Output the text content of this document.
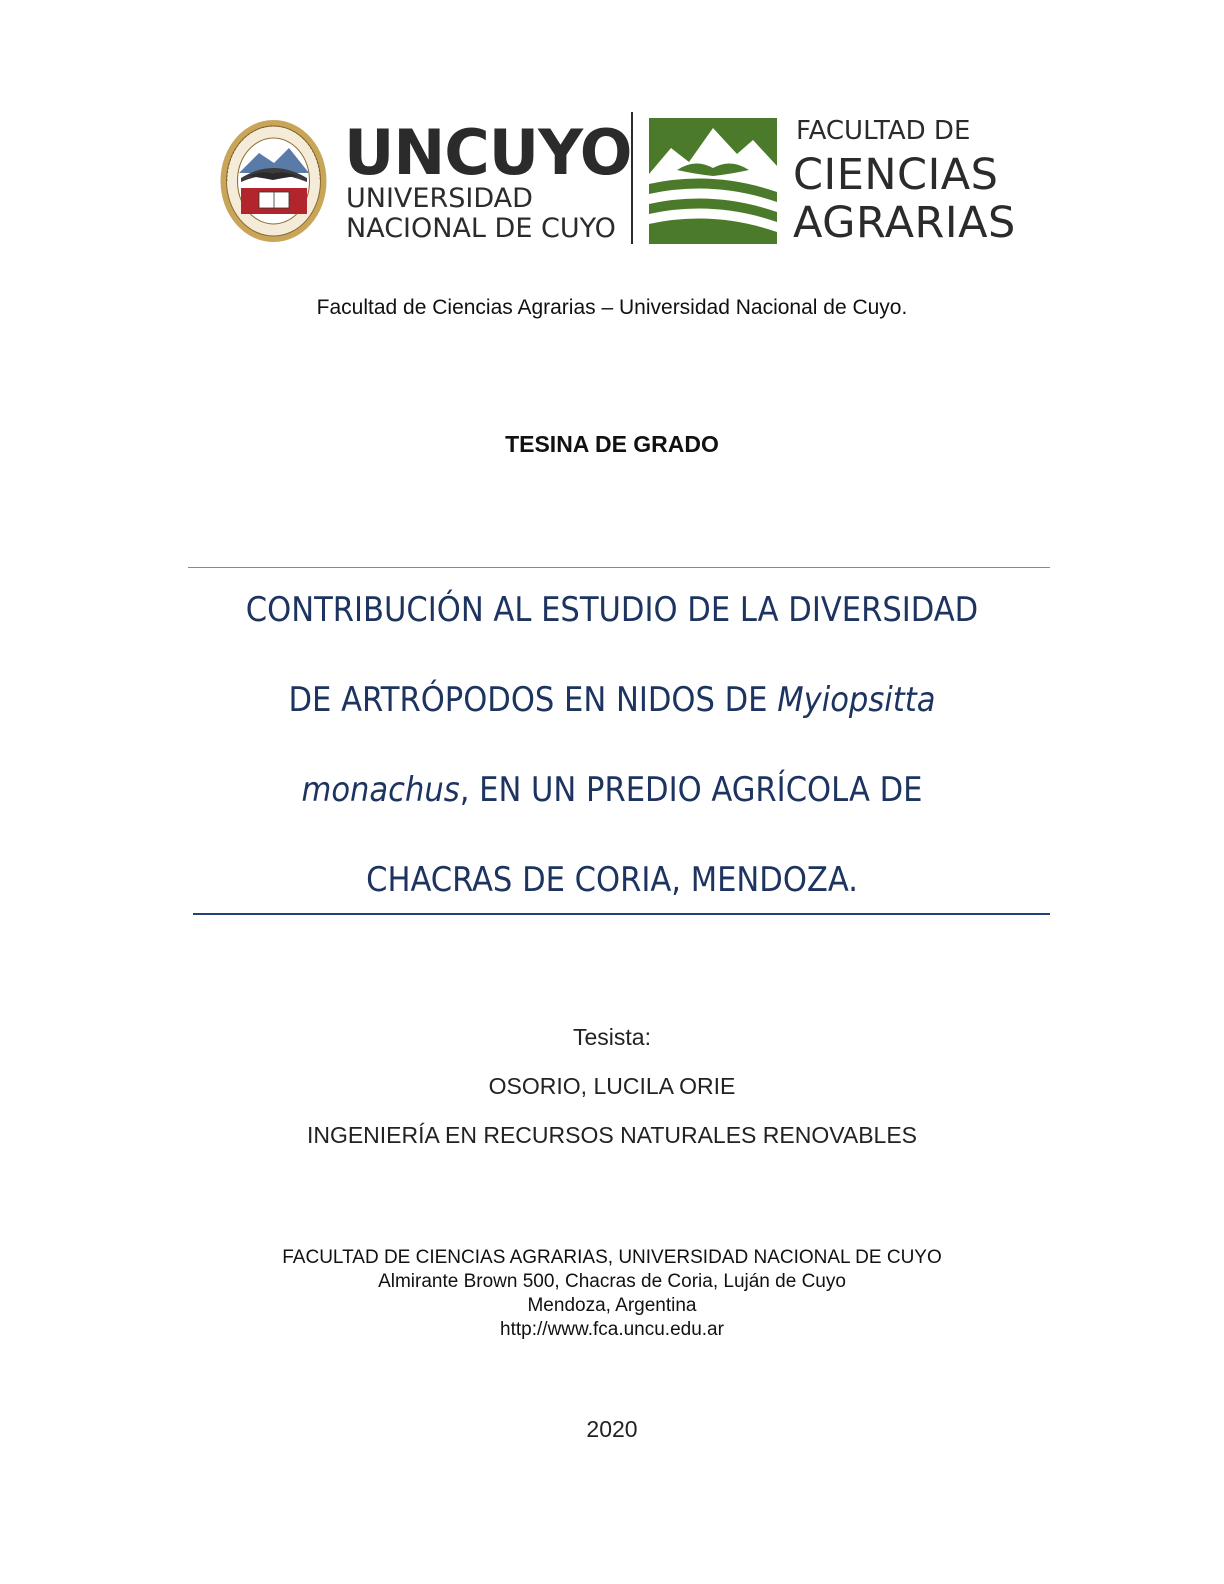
UNCUYO
UNIVERSIDAD
NACIONAL DE CUYO
FACULTAD DE
CIENCIAS
AGRARIAS
Facultad de Ciencias Agrarias – Universidad Nacional de Cuyo.
TESINA DE GRADO
CONTRIBUCIÓN AL ESTUDIO DE LA DIVERSIDAD
DE ARTRÓPODOS EN NIDOS DE Myiopsitta
monachus, EN UN PREDIO AGRÍCOLA DE
CHACRAS DE CORIA, MENDOZA.
Tesista:
OSORIO, LUCILA ORIE
INGENIERÍA EN RECURSOS NATURALES RENOVABLES
FACULTAD DE CIENCIAS AGRARIAS, UNIVERSIDAD NACIONAL DE CUYO
Almirante Brown 500, Chacras de Coria, Luján de Cuyo
Mendoza, Argentina
http://www.fca.uncu.edu.ar
2020
